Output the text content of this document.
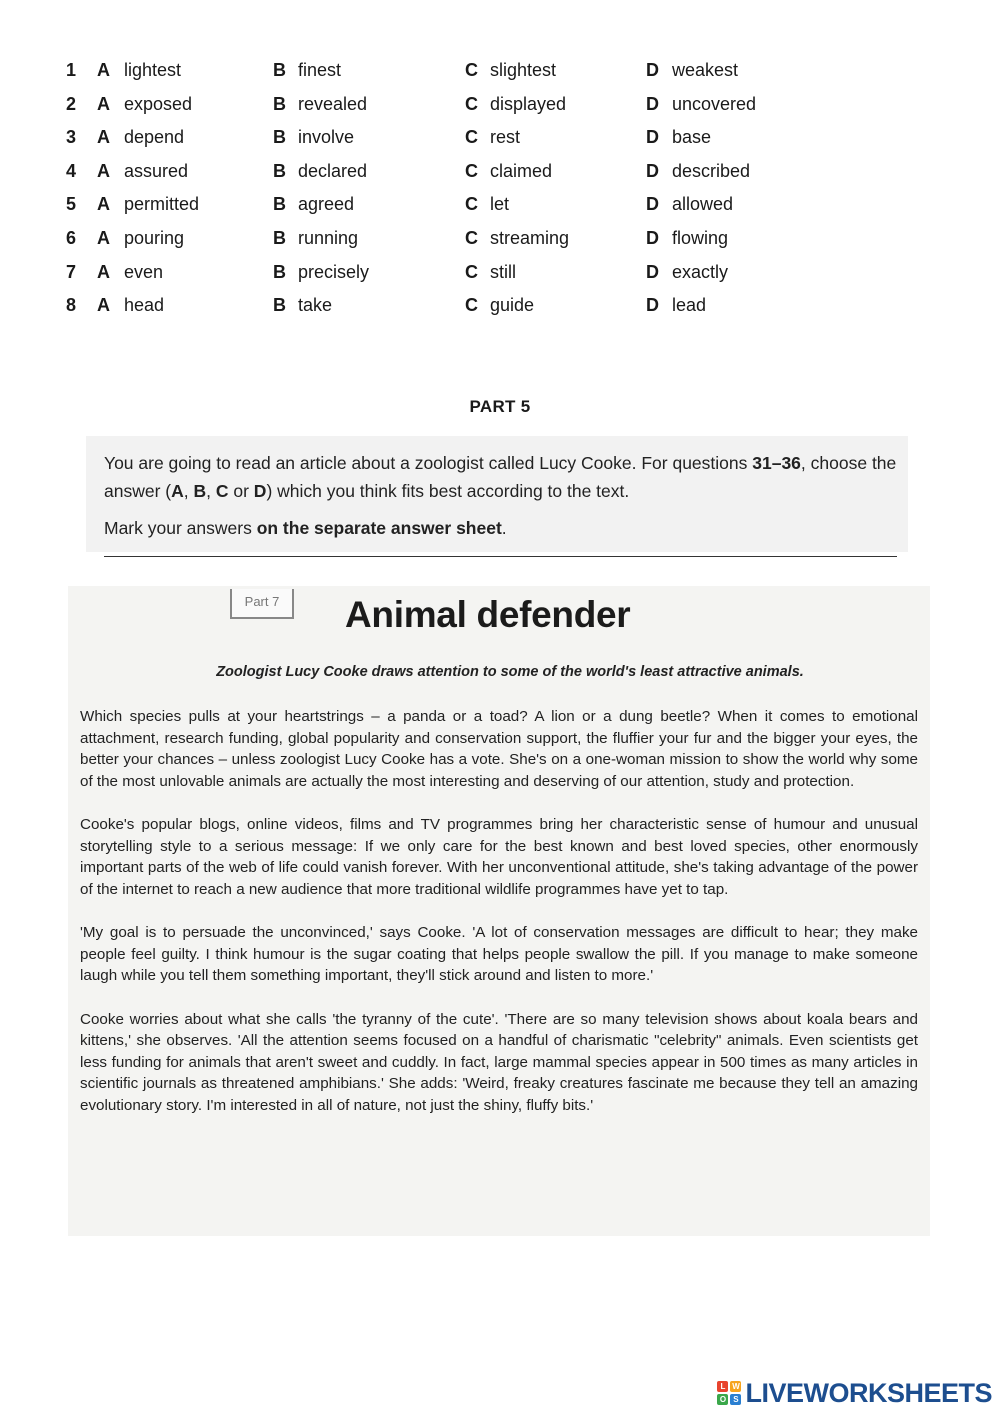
1 A lightest	B finest	C slightest	D weakest
2 A exposed	B revealed	C displayed	D uncovered
3 A depend	B involve	C rest	D base
4 A assured	B declared	C claimed	D described
5 A permitted	B agreed	C let	D allowed
6 A pouring	B running	C streaming	D flowing
7 A even	B precisely	C still	D exactly
8 A head	B take	C guide	D lead
PART 5

You are going to read an article about a zoologist called Lucy Cooke. For questions 31–36, choose the answer (A, B, C or D) which you think fits best according to the text.

Mark your answers on the separate answer sheet.

Part 7	Animal defender
Zoologist Lucy Cooke draws attention to some of the world's least attractive animals.

Which species pulls at your heartstrings – a panda or a toad? A lion or a dung beetle? When it comes to emotional attachment, research funding, global popularity and conservation support, the fluffier your fur and the bigger your eyes, the better your chances – unless zoologist Lucy Cooke has a vote. She's on a one-woman mission to show the world why some of the most unlovable animals are actually the most interesting and deserving of our attention, study and protection.

Cooke's popular blogs, online videos, films and TV programmes bring her characteristic sense of humour and unusual storytelling style to a serious message: If we only care for the best known and best loved species, other enormously important parts of the web of life could vanish forever. With her unconventional attitude, she's taking advantage of the power of the internet to reach a new audience that more traditional wildlife programmes have yet to tap.

'My goal is to persuade the unconvinced,' says Cooke. 'A lot of conservation messages are difficult to hear; they make people feel guilty. I think humour is the sugar coating that helps people swallow the pill. If you manage to make someone laugh while you tell them something important, they'll stick around and listen to more.'

Cooke worries about what she calls 'the tyranny of the cute'. 'There are so many television shows about koala bears and kittens,' she observes. 'All the attention seems focused on a handful of charismatic "celebrity" animals. Even scientists get less funding for animals that aren't sweet and cuddly. In fact, large mammal species appear in 500 times as many articles in scientific journals as threatened amphibians.' She adds: 'Weird, freaky creatures fascinate me because they tell an amazing evolutionary story. I'm interested in all of nature, not just the shiny, fluffy bits.'

L W
O S LIVEWORKSHEETS
